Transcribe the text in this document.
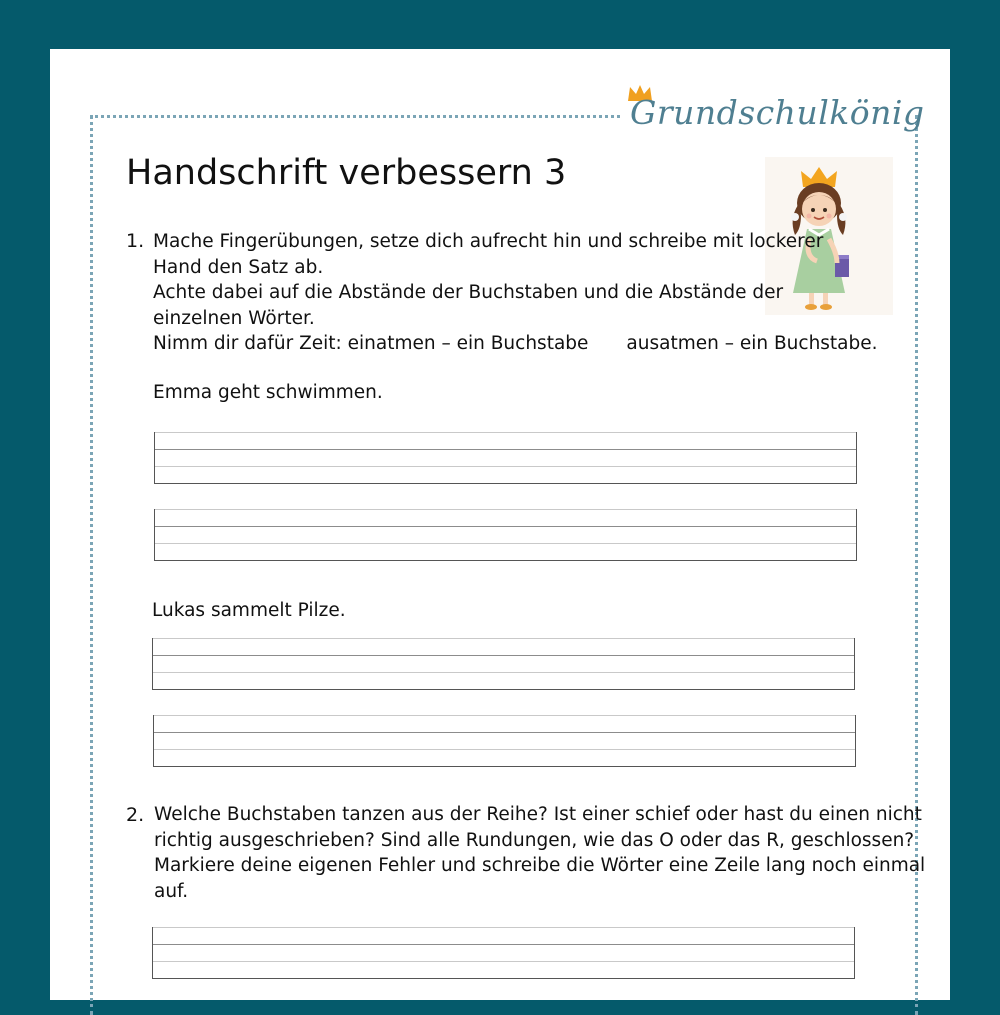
Grundschulkönig
Handschrift verbessern 3
1. Mache Fingerübungen, setze dich aufrecht hin und schreibe mit lockerer
Hand den Satz ab.
Achte dabei auf die Abstände der Buchstaben und die Abstände der
einzelnen Wörter.
Nimm dir dafür Zeit: einatmen – ein Buchstabe ausatmen – ein Buchstabe.
Emma geht schwimmen.
Lukas sammelt Pilze.
2. Welche Buchstaben tanzen aus der Reihe? Ist einer schief oder hast du einen nicht
richtig ausgeschrieben? Sind alle Rundungen, wie das O oder das R, geschlossen?
Markiere deine eigenen Fehler und schreibe die Wörter eine Zeile lang noch einmal
auf.
